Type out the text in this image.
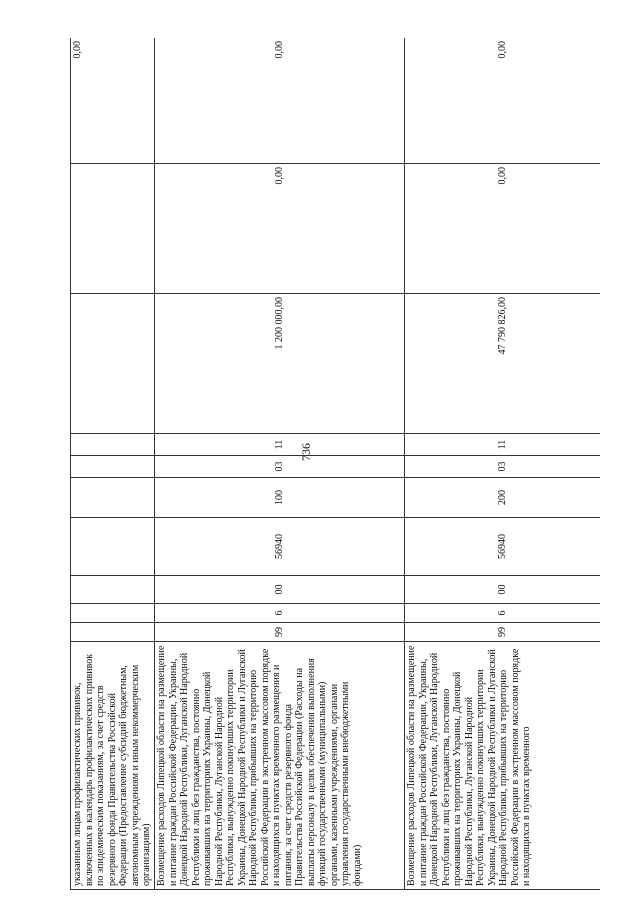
736
указанным лицам профилактических прививок, включенных в календарь профилактических прививок по эпидемическим показаниям, за счет средств резервного фонда Правительства Российской Федерации (Предоставление субсидий бюджетным, автономным учреждениям и иным некоммерческим организациям)										0,00
Возмещение расходов Липецкой области на размещение и питание граждан Российской Федерации, Украины, Донецкой Народной Республики, Луганской Народной Республики и лиц без гражданства, постоянно проживавших на территориях Украины, Донецкой Народной Республики, Луганской Народной Республики, вынужденно покинувших территории Украины, Донецкой Народной Республики и Луганской Народной Республики, прибывших на территорию Российской Федерации в экстренном массовом порядке и находящихся в пунктах временного размещения и питания, за счет средств резервного фонда Правительства Российской Федерации (Расходы на выплаты персоналу в целях обеспечения выполнения функций государственными (муниципальными) органами, казенными учреждениями, органами управления государственными внебюджетными фондами)	99	6	00	56940	100	03	11	1 200 000,00	0,00	0,00
Возмещение расходов Липецкой области на размещение и питание граждан Российской Федерации, Украины, Донецкой Народной Республики, Луганской Народной Республики и лиц без гражданства, постоянно проживавших на территориях Украины, Донецкой Народной Республики, Луганской Народной Республики, вынужденно покинувших территории Украины, Донецкой Народной Республики и Луганской Народной Республики, прибывших на территорию Российской Федерации в экстренном массовом порядке и находящихся в пунктах временного	99	6	00	56940	200	03	11	47 790 826,00	0,00	0,00
